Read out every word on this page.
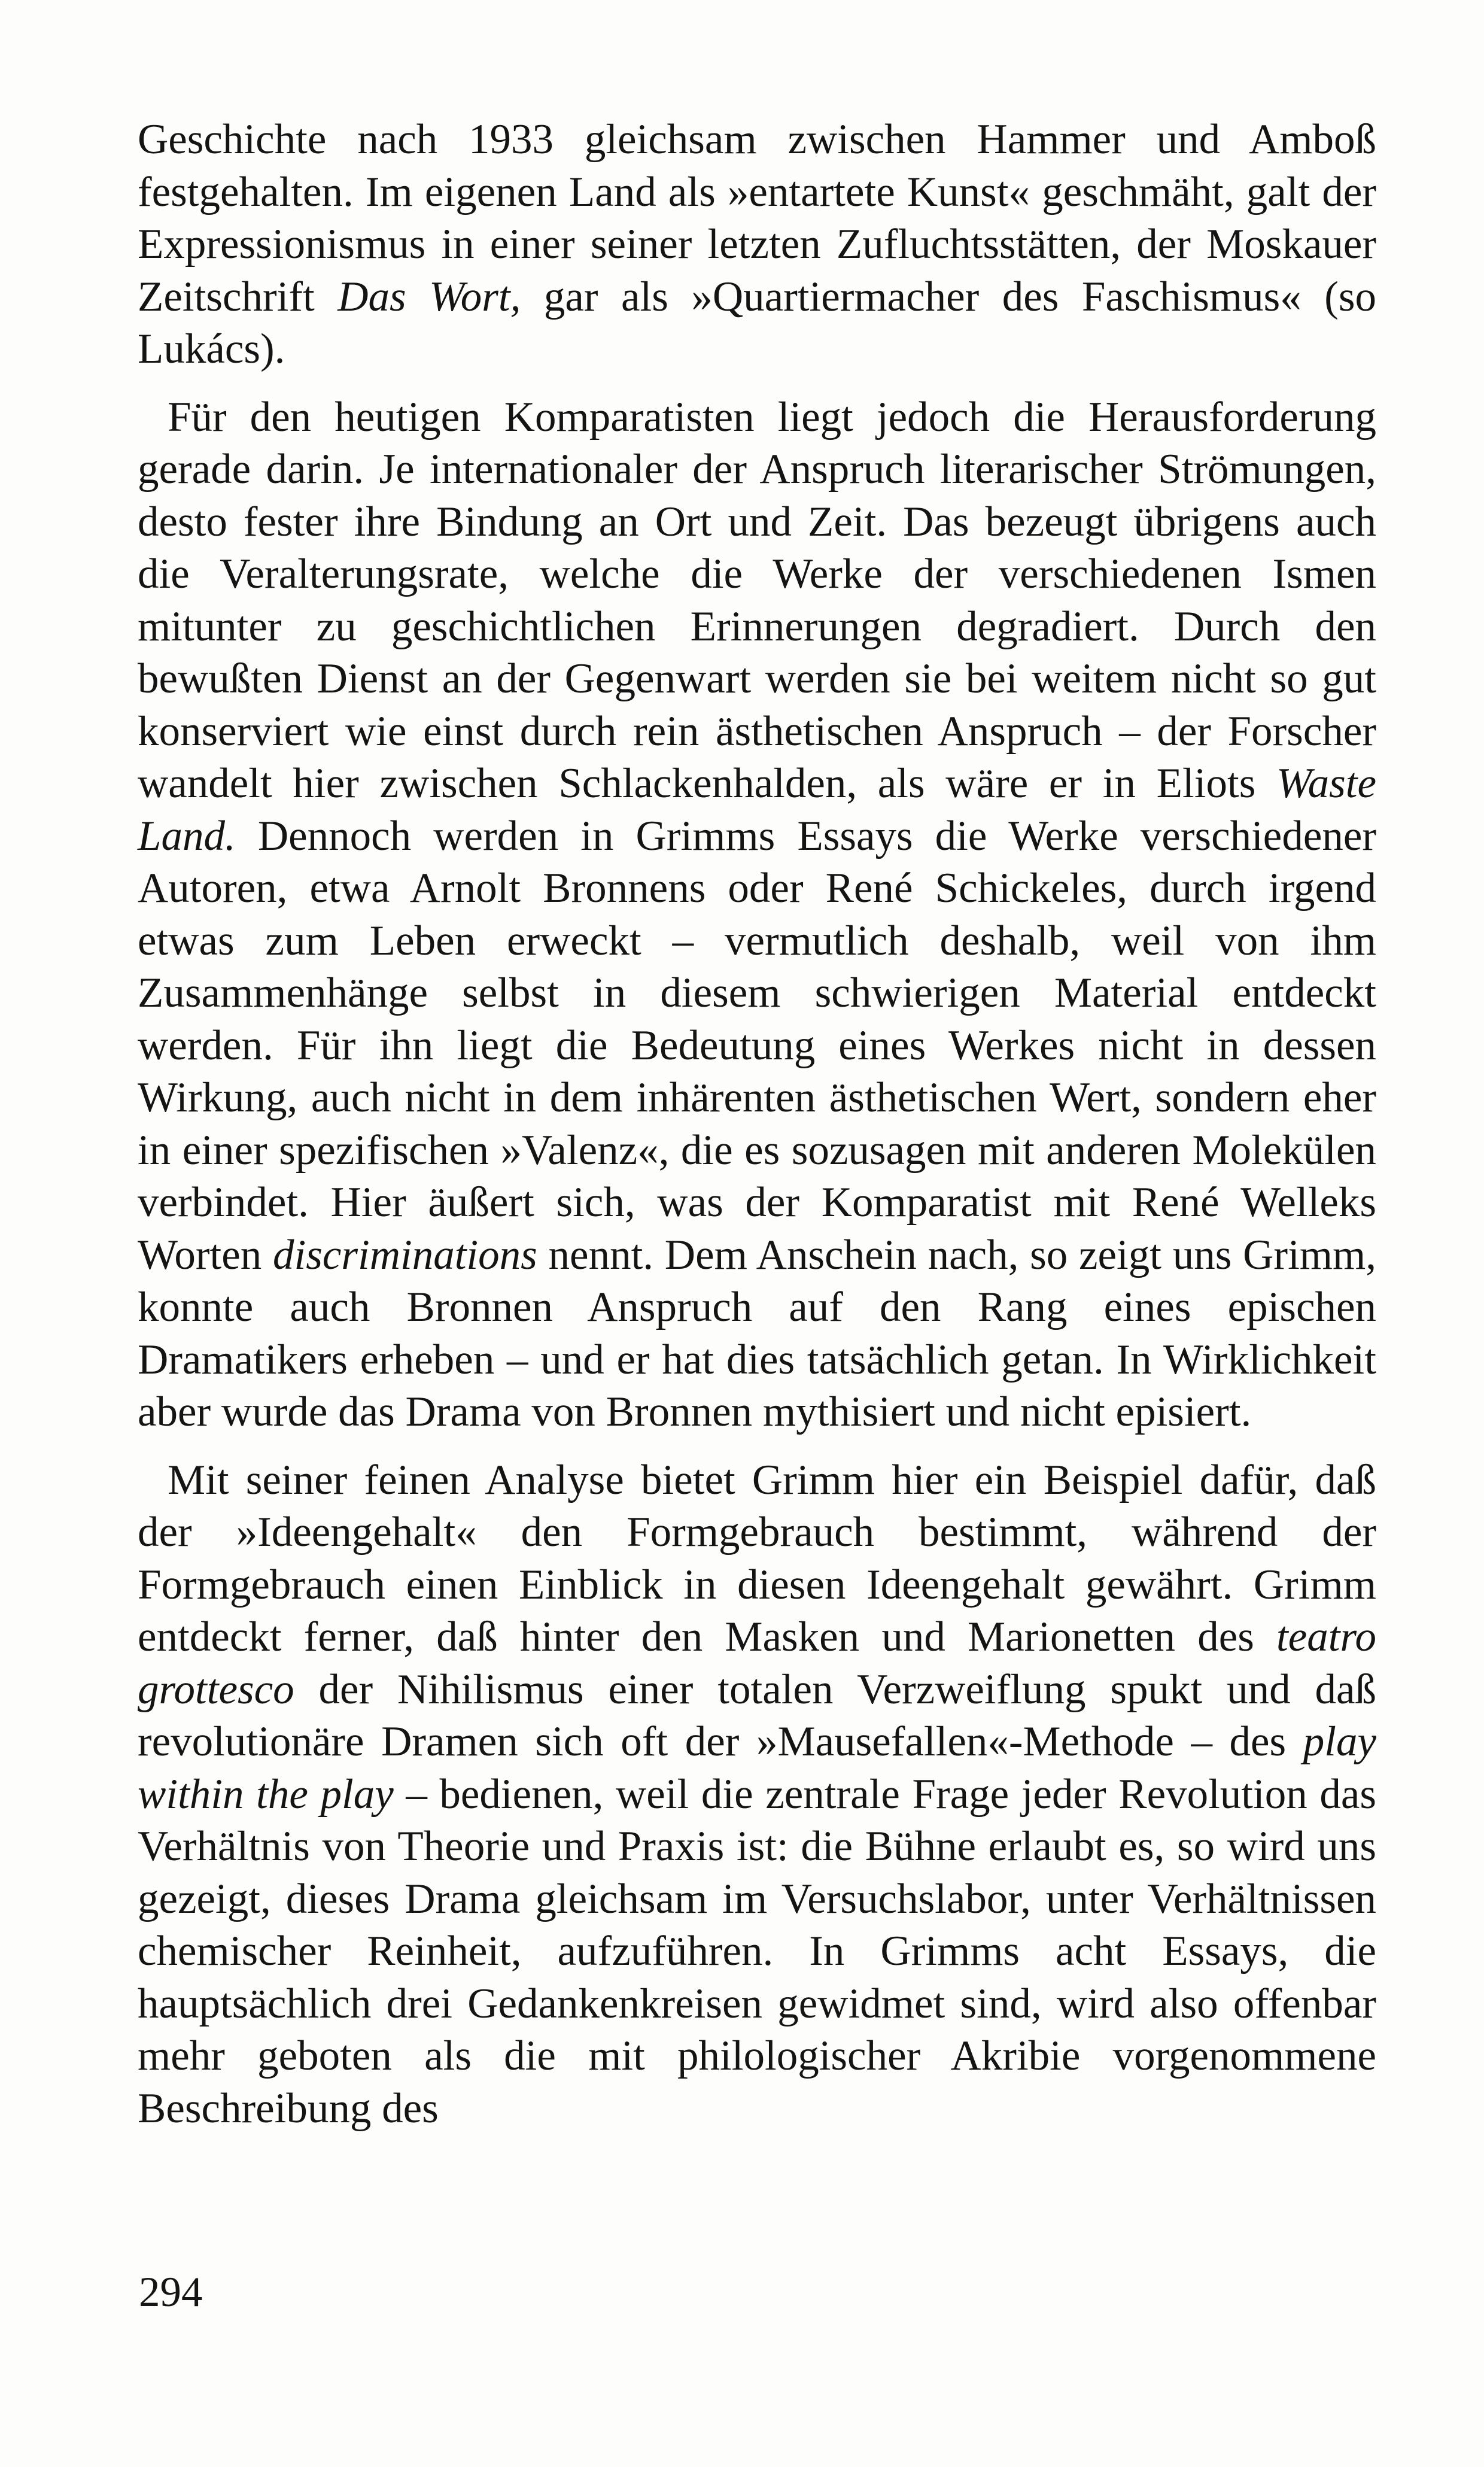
Geschichte nach 1933 gleichsam zwischen Hammer und Amboß festgehalten. Im eigenen Land als »entartete Kunst« geschmäht, galt der Expressionismus in einer seiner letzten Zufluchtsstätten, der Moskauer Zeitschrift Das Wort, gar als »Quartiermacher des Faschismus« (so Lukács).

Für den heutigen Komparatisten liegt jedoch die Herausforderung gerade darin. Je internationaler der Anspruch literarischer Strömungen, desto fester ihre Bindung an Ort und Zeit. Das bezeugt übrigens auch die Veralterungsrate, welche die Werke der verschiedenen Ismen mitunter zu geschichtlichen Erinnerungen degradiert. Durch den bewußten Dienst an der Gegenwart werden sie bei weitem nicht so gut konserviert wie einst durch rein ästhetischen Anspruch – der Forscher wandelt hier zwischen Schlackenhalden, als wäre er in Eliots Waste Land. Dennoch werden in Grimms Essays die Werke verschiedener Autoren, etwa Arnolt Bronnens oder René Schickeles, durch irgend etwas zum Leben erweckt – vermutlich deshalb, weil von ihm Zusammenhänge selbst in diesem schwierigen Material entdeckt werden. Für ihn liegt die Bedeutung eines Werkes nicht in dessen Wirkung, auch nicht in dem inhärenten ästhetischen Wert, sondern eher in einer spezifischen »Valenz«, die es sozusagen mit anderen Molekülen verbindet. Hier äußert sich, was der Komparatist mit René Welleks Worten discriminations nennt. Dem Anschein nach, so zeigt uns Grimm, konnte auch Bronnen Anspruch auf den Rang eines epischen Dramatikers erheben – und er hat dies tatsächlich getan. In Wirklichkeit aber wurde das Drama von Bronnen mythisiert und nicht episiert.

Mit seiner feinen Analyse bietet Grimm hier ein Beispiel dafür, daß der »Ideengehalt« den Formgebrauch bestimmt, während der Formgebrauch einen Einblick in diesen Ideengehalt gewährt. Grimm entdeckt ferner, daß hinter den Masken und Marionetten des teatro grottesco der Nihilismus einer totalen Verzweiflung spukt und daß revolutionäre Dramen sich oft der »Mausefallen«-Methode – des play within the play – bedienen, weil die zentrale Frage jeder Revolution das Verhältnis von Theorie und Praxis ist: die Bühne erlaubt es, so wird uns gezeigt, dieses Drama gleichsam im Versuchslabor, unter Verhältnissen chemischer Reinheit, aufzuführen. In Grimms acht Essays, die hauptsächlich drei Gedankenkreisen gewidmet sind, wird also offenbar mehr geboten als die mit philologischer Akribie vorgenommene Beschreibung des

294
